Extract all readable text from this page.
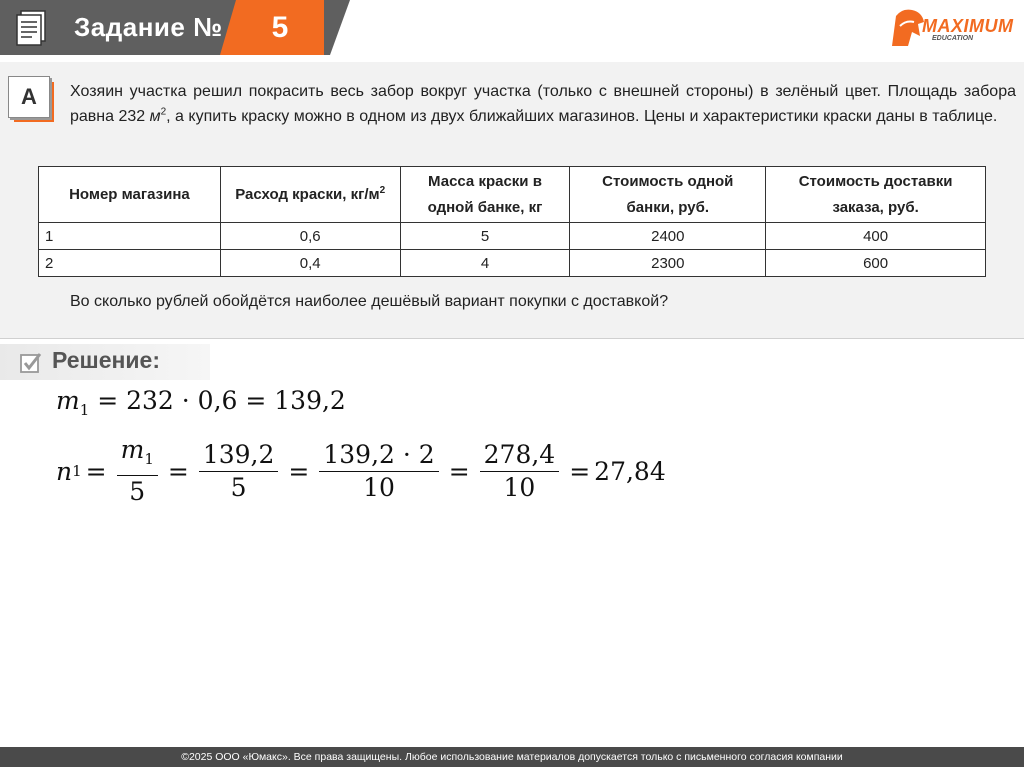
Задание №	5	MAXIMUM
EDUCATION
А	Хозяин участка решил покрасить весь забор вокруг участка (только с внешней стороны) в зелёный цвет. Площадь забора равна 232 $м^2$, а купить краску можно в одном из двух ближайших магазинов. Цены и характеристики краски даны в таблице.
Номер магазина	Расход краски, $кг/м^2$	Масса краски в одной банке, кг	Стоимость одной банки, руб.	Стоимость доставки заказа, руб.
1	0,6	5	2400	400
2	0,4	4	2300	600
Во сколько рублей обойдётся наиболее дешёвый вариант покупки с доставкой?
Решение:
$m_1 = 232 \cdot 0,6 = 139,2$
n $1 = \frac{m_1}{5} = \frac{139,2}{5} = \frac{139,2 \cdot 2}{10} = \frac{278,4}{10} = 27,84$
©2025 ООО «Юмакс». Все права защищены. Любое использование материалов допускается только с письменного согласия компании
